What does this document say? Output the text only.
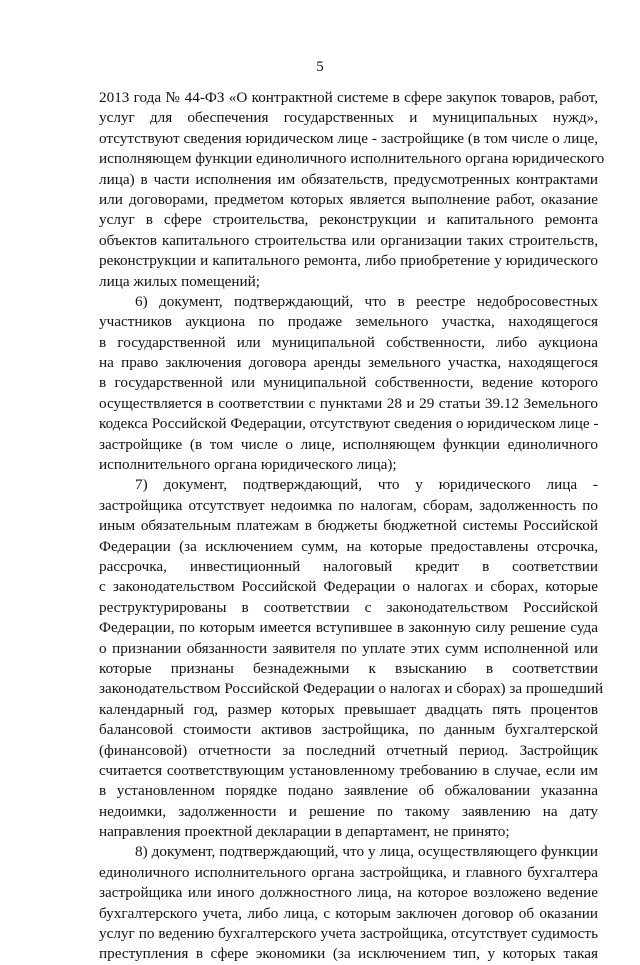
5
2013 года № 44-ФЗ «О контрактной системе в сфере закупок товаров, работ,
услуг для обеспечения государственных и муниципальных нужд»,
отсутствуют сведения юридическом лице - застройщике (в том числе о лице,
исполняющем функции единоличного исполнительного органа юридического
лица) в части исполнения им обязательств, предусмотренных контрактами
или договорами, предметом которых является выполнение работ, оказание
услуг в сфере строительства, реконструкции и капитального ремонта
объектов капитального строительства или организации таких строительств,
реконструкции и капитального ремонта, либо приобретение у юридического
лица жилых помещений;
6) документ, подтверждающий, что в реестре недобросовестных
участников аукциона по продаже земельного участка, находящегося
в государственной или муниципальной собственности, либо аукциона
на право заключения договора аренды земельного участка, находящегося
в государственной или муниципальной собственности, ведение которого
осуществляется в соответствии с пунктами 28 и 29 статьи 39.12 Земельного
кодекса Российской Федерации, отсутствуют сведения о юридическом лице -
застройщике (в том числе о лице, исполняющем функции единоличного
исполнительного органа юридического лица);
7) документ, подтверждающий, что у юридического лица -
застройщика отсутствует недоимка по налогам, сборам, задолженность по
иным обязательным платежам в бюджеты бюджетной системы Российской
Федерации (за исключением сумм, на которые предоставлены отсрочка,
рассрочка, инвестиционный налоговый кредит в соответствии
с законодательством Российской Федерации о налогах и сборах, которые
реструктурированы в соответствии с законодательством Российской
Федерации, по которым имеется вступившее в законную силу решение суда
о признании обязанности заявителя по уплате этих сумм исполненной или
которые признаны безнадежными к взысканию в соответствии
законодательством Российской Федерации о налогах и сборах) за прошедший
календарный год, размер которых превышает двадцать пять процентов
балансовой стоимости активов застройщика, по данным бухгалтерской
(финансовой) отчетности за последний отчетный период. Застройщик
считается соответствующим установленному требованию в случае, если им
в установленном порядке подано заявление об обжаловании указанна
недоимки, задолженности и решение по такому заявлению на дату
направления проектной декларации в департамент, не принято;
8) документ, подтверждающий, что у лица, осуществляющего функции
единоличного исполнительного органа застройщика, и главного бухгалтера
застройщика или иного должностного лица, на которое возложено ведение
бухгалтерского учета, либо лица, с которым заключен договор об оказании
услуг по ведению бухгалтерского учета застройщика, отсутствует судимость
преступления в сфере экономики (за исключением тип, у которых такая
